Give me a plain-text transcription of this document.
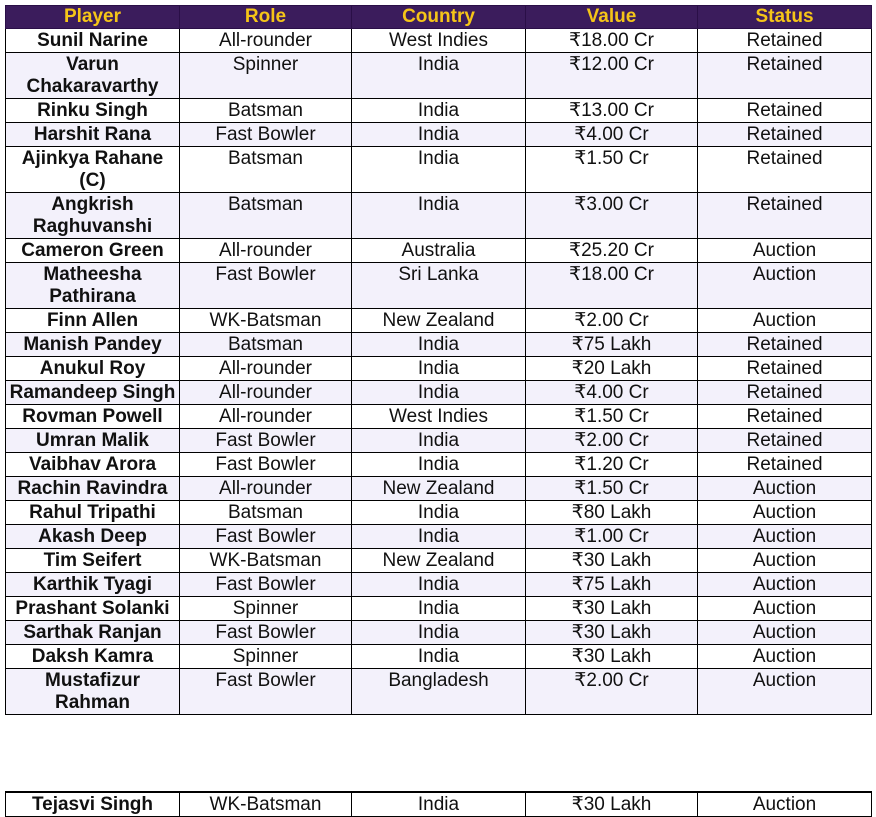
Player	Role	Country	Value	Status
Sunil Narine	All-rounder	West Indies	₹18.00 Cr	Retained
Varun Chakaravarthy	Spinner	India	₹12.00 Cr	Retained
Rinku Singh	Batsman	India	₹13.00 Cr	Retained
Harshit Rana	Fast Bowler	India	₹4.00 Cr	Retained
Ajinkya Rahane (C)	Batsman	India	₹1.50 Cr	Retained
Angkrish Raghuvanshi	Batsman	India	₹3.00 Cr	Retained
Cameron Green	All-rounder	Australia	₹25.20 Cr	Auction
Matheesha Pathirana	Fast Bowler	Sri Lanka	₹18.00 Cr	Auction
Finn Allen	WK-Batsman	New Zealand	₹2.00 Cr	Auction
Manish Pandey	Batsman	India	₹75 Lakh	Retained
Anukul Roy	All-rounder	India	₹20 Lakh	Retained
Ramandeep Singh	All-rounder	India	₹4.00 Cr	Retained
Rovman Powell	All-rounder	West Indies	₹1.50 Cr	Retained
Umran Malik	Fast Bowler	India	₹2.00 Cr	Retained
Vaibhav Arora	Fast Bowler	India	₹1.20 Cr	Retained
Rachin Ravindra	All-rounder	New Zealand	₹1.50 Cr	Auction
Rahul Tripathi	Batsman	India	₹80 Lakh	Auction
Akash Deep	Fast Bowler	India	₹1.00 Cr	Auction
Tim Seifert	WK-Batsman	New Zealand	₹30 Lakh	Auction
Karthik Tyagi	Fast Bowler	India	₹75 Lakh	Auction
Prashant Solanki	Spinner	India	₹30 Lakh	Auction
Sarthak Ranjan	Fast Bowler	India	₹30 Lakh	Auction
Daksh Kamra	Spinner	India	₹30 Lakh	Auction
Mustafizur Rahman	Fast Bowler	Bangladesh	₹2.00 Cr	Auction
Tejasvi Singh	WK-Batsman	India	₹30 Lakh	Auction
